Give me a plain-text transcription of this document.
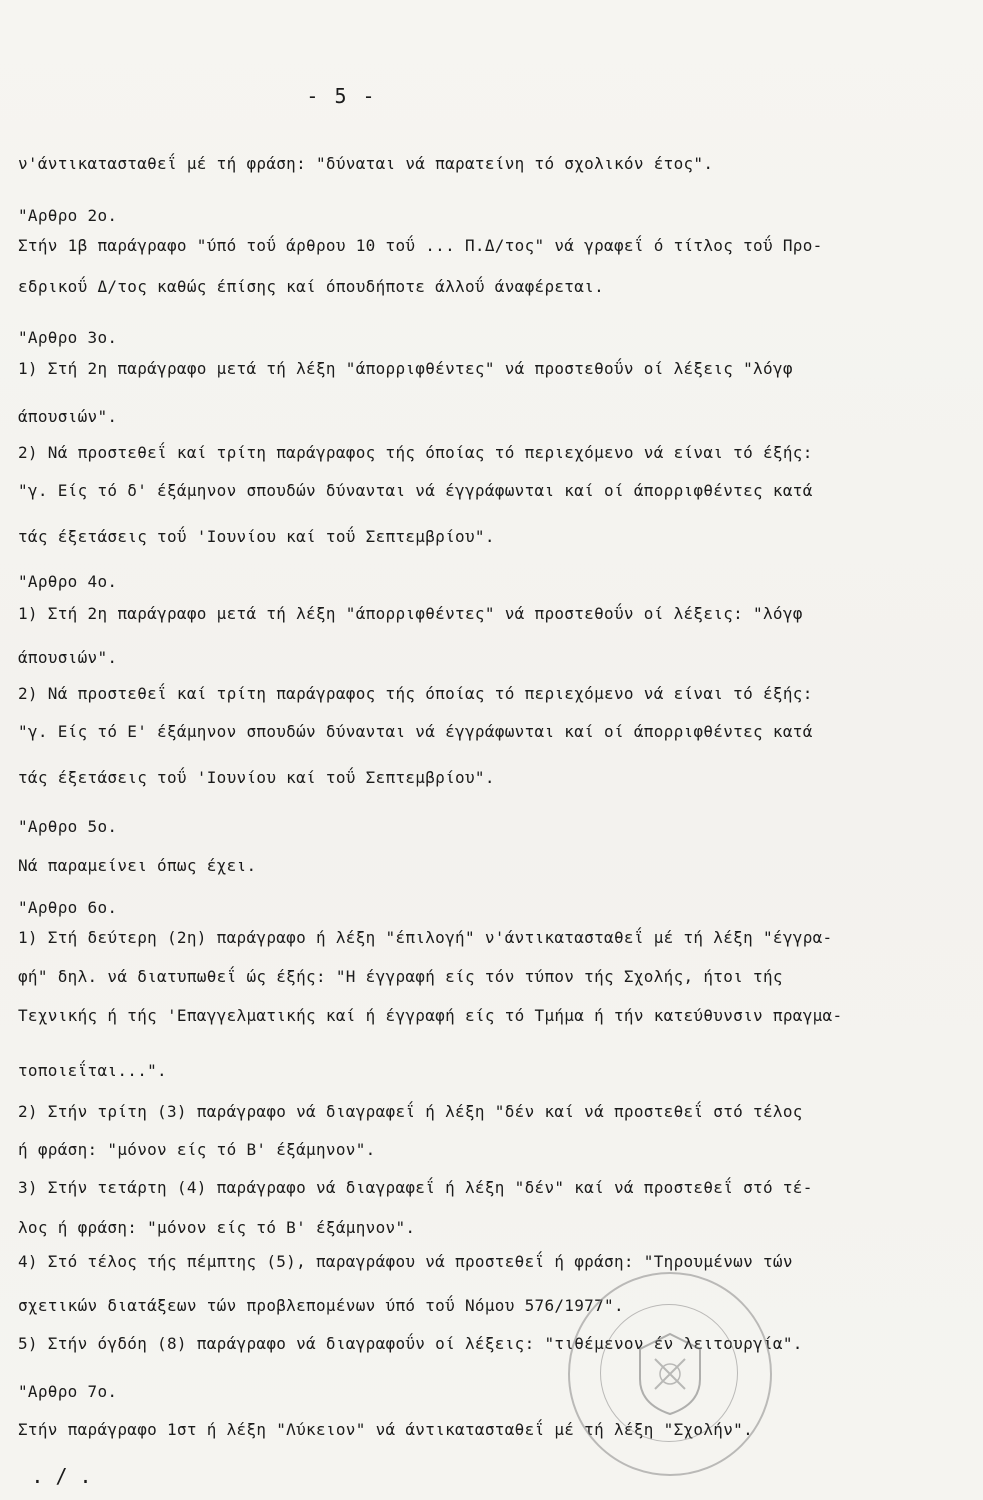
- 5 -
ν'άντικατασταθεΐ μέ τή φράση: "δύναται νά παρατείνη τό σχολικόν έτος".
"Αρθρο 2ο.
Στήν 1β παράγραφο "ύπό τοΰ άρθρου 10 τοΰ ... Π.Δ/τος" νά γραφεΐ ό τίτλος τοΰ Προ-
εδρικοΰ Δ/τος καθώς έπίσης καί όπουδήποτε άλλοΰ άναφέρεται.
"Αρθρο 3ο.
1) Στή 2η παράγραφο μετά τή λέξη "άπορριφθέντες" νά προστεθοΰν οί λέξεις "λόγφ
άπουσιών".
2) Νά προστεθεΐ καί τρίτη παράγραφος τής όποίας τό περιεχόμενο νά είναι τό έξής:
"γ. Είς τό δ' έξάμηνον σπουδών δύνανται νά έγγράφωνται καί οί άπορριφθέντες κατά
τάς έξετάσεις τοΰ 'Ιουνίου καί τοΰ Σεπτεμβρίου".
"Αρθρο 4ο.
1) Στή 2η παράγραφο μετά τή λέξη "άπορριφθέντες" νά προστεθοΰν οί λέξεις: "λόγφ
άπουσιών".
2) Νά προστεθεΐ καί τρίτη παράγραφος τής όποίας τό περιεχόμενο νά είναι τό έξής:
"γ. Είς τό Ε' έξάμηνον σπουδών δύνανται νά έγγράφωνται καί οί άπορριφθέντες κατά
τάς έξετάσεις τοΰ 'Ιουνίου καί τοΰ Σεπτεμβρίου".
"Αρθρο 5ο.
Νά παραμείνει όπως έχει.
"Αρθρο 6ο.
1) Στή δεύτερη (2η) παράγραφο ή λέξη "έπιλογή" ν'άντικατασταθεΐ μέ τή λέξη "έγγρα-
φή" δηλ. νά διατυπωθεΐ ώς έξής: "Η έγγραφή είς τόν τύπον τής Σχολής, ήτοι τής
Τεχνικής ή τής 'Επαγγελματικής καί ή έγγραφή είς τό Τμήμα ή τήν κατεύθυνσιν πραγμα-
τοποιεΐται...".
2) Στήν τρίτη (3) παράγραφο νά διαγραφεΐ ή λέξη "δέν καί νά προστεθεΐ στό τέλος
ή φράση: "μόνον είς τό Β' έξάμηνον".
3) Στήν τετάρτη (4) παράγραφο νά διαγραφεΐ ή λέξη "δέν" καί νά προστεθεΐ στό τέ-
λος ή φράση: "μόνον είς τό Β' έξάμηνον".
4) Στό τέλος τής πέμπτης (5), παραγράφου νά προστεθεΐ ή φράση: "Τηρουμένων τών
σχετικών διατάξεων τών προβλεπομένων ύπό τοΰ Νόμου 576/1977".
5) Στήν όγδόη (8) παράγραφο νά διαγραφοΰν οί λέξεις: "τιθέμενον έν λειτουργία".
"Αρθρο 7ο.
Στήν παράγραφο 1στ ή λέξη "Λύκειον" νά άντικατασταθεΐ μέ τή λέξη "Σχολήν".
. / .
